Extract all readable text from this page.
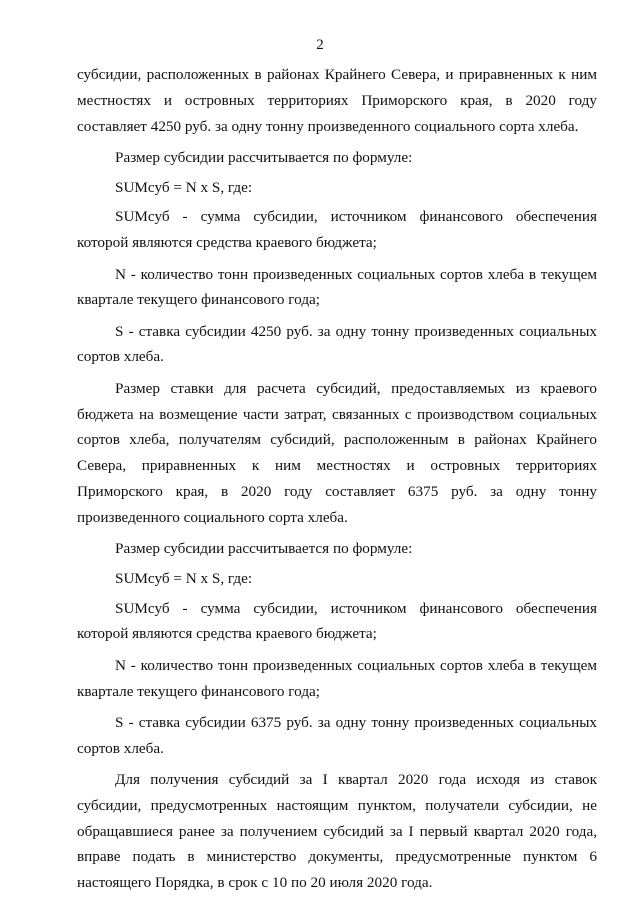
2

субсидии, расположенных в районах Крайнего Севера, и приравненных к ним местностях и островных территориях Приморского края, в 2020 году составляет 4250 руб. за одну тонну произведенного социального сорта хлеба.

Размер субсидии рассчитывается по формуле:

SUMсуб = N x S, где:

SUMсуб - сумма субсидии, источником финансового обеспечения которой являются средства краевого бюджета;

N - количество тонн произведенных социальных сортов хлеба в текущем квартале текущего финансового года;

S - ставка субсидии 4250 руб. за одну тонну произведенных социальных сортов хлеба.

Размер ставки для расчета субсидий, предоставляемых из краевого бюджета на возмещение части затрат, связанных с производством социальных сортов хлеба, получателям субсидий, расположенным в районах Крайнего Севера, приравненных к ним местностях и островных территориях Приморского края, в 2020 году составляет 6375 руб. за одну тонну произведенного социального сорта хлеба.

Размер субсидии рассчитывается по формуле:

SUMсуб = N x S, где:

SUMсуб - сумма субсидии, источником финансового обеспечения которой являются средства краевого бюджета;

N - количество тонн произведенных социальных сортов хлеба в текущем квартале текущего финансового года;

S - ставка субсидии 6375 руб. за одну тонну произведенных социальных сортов хлеба.

Для получения субсидий за I квартал 2020 года исходя из ставок субсидии, предусмотренных настоящим пунктом, получатели субсидии, не обращавшиеся ранее за получением субсидий за I первый квартал 2020 года, вправе подать в министерство документы, предусмотренные пунктом 6 настоящего Порядка, в срок с 10 по 20 июля 2020 года.
